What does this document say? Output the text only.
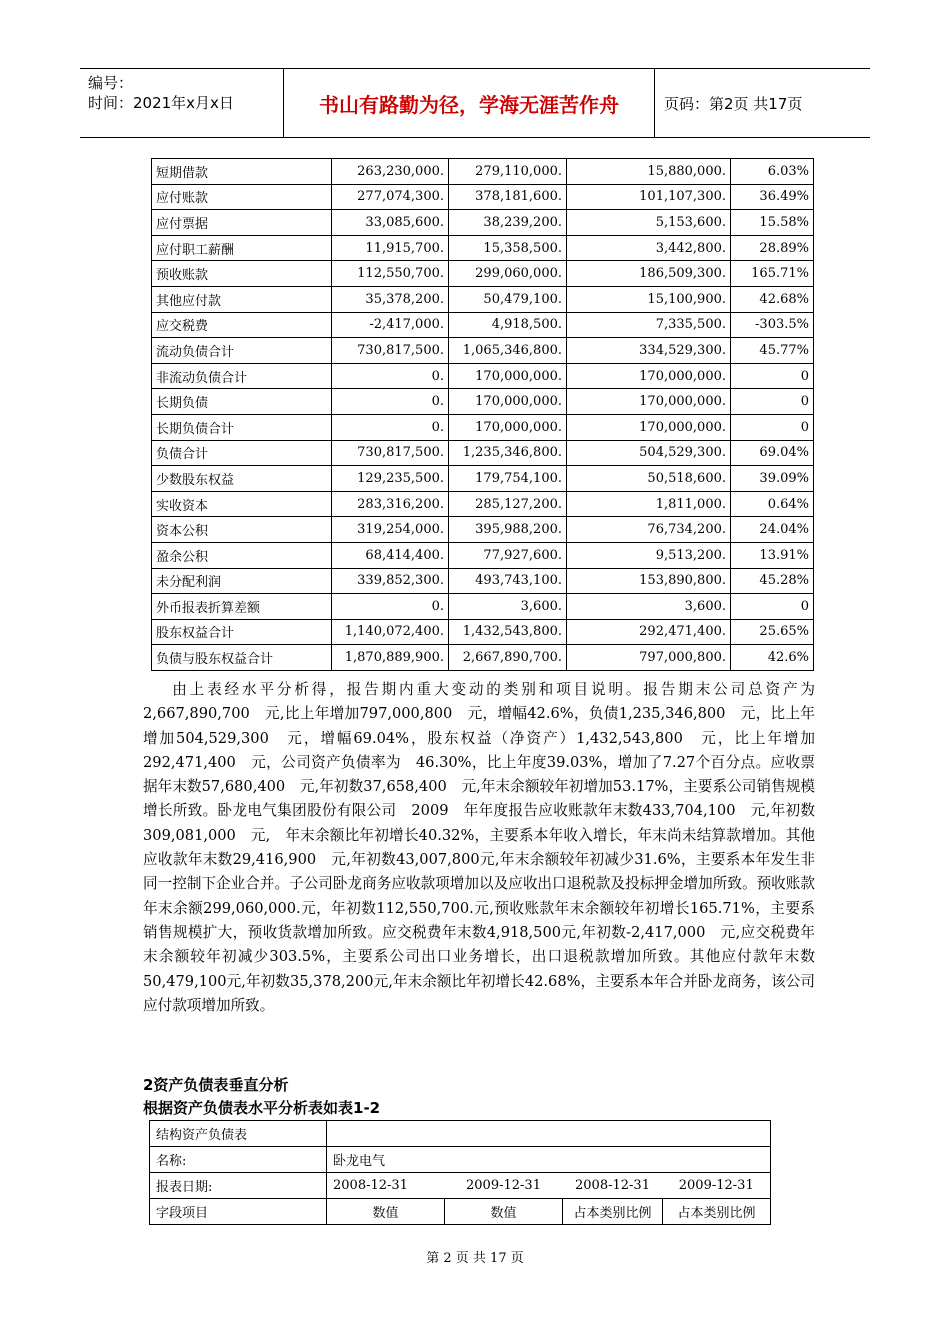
编号：
时间：2021年x月x日	书山有路勤为径，学海无涯苦作舟	页码：第2页 共17页
短期借款	263,230,000.	279,110,000.	15,880,000.	6.03%
应付账款	277,074,300.	378,181,600.	101,107,300.	36.49%
应付票据	33,085,600.	38,239,200.	5,153,600.	15.58%
应付职工薪酬	11,915,700.	15,358,500.	3,442,800.	28.89%
预收账款	112,550,700.	299,060,000.	186,509,300.	165.71%
其他应付款	35,378,200.	50,479,100.	15,100,900.	42.68%
应交税费	-2,417,000.	4,918,500.	7,335,500.	-303.5%
流动负债合计	730,817,500.	1,065,346,800.	334,529,300.	45.77%
非流动负债合计	0.	170,000,000.	170,000,000.	0
长期负债	0.	170,000,000.	170,000,000.	0
长期负债合计	0.	170,000,000.	170,000,000.	0
负债合计	730,817,500.	1,235,346,800.	504,529,300.	69.04%
少数股东权益	129,235,500.	179,754,100.	50,518,600.	39.09%
实收资本	283,316,200.	285,127,200.	1,811,000.	0.64%
资本公积	319,254,000.	395,988,200.	76,734,200.	24.04%
盈余公积	68,414,400.	77,927,600.	9,513,200.	13.91%
未分配利润	339,852,300.	493,743,100.	153,890,800.	45.28%
外币报表折算差额	0.	3,600.	3,600.	0
股东权益合计	1,140,072,400.	1,432,543,800.	292,471,400.	25.65%
负债与股东权益合计	1,870,889,900.	2,667,890,700.	797,000,800.	42.6%

由上表经水平分析得，报告期内重大变动的类别和项目说明。报告期末公司总资产为2,667,890,700　元,比上年增加797,000,800　元，增幅42.6%，负债1,235,346,800　元，比上年增加504,529,300　元，增幅69.04%，股东权益（净资产）1,432,543,800　元，比上年增加292,471,400　元，公司资产负债率为　46.30%，比上年度39.03%，增加了7.27个百分点。应收票据年末数57,680,400　元,年初数37,658,400　元,年末余额较年初增加53.17%，主要系公司销售规模增长所致。卧龙电气集团股份有限公司　2009　年年度报告应收账款年末数433,704,100　元,年初数309,081,000　元,　年末余额比年初增长40.32%，主要系本年收入增长，年末尚未结算款增加。其他应收款年末数29,416,900　元,年初数43,007,800元,年末余额较年初减少31.6%，主要系本年发生非同一控制下企业合并。子公司卧龙商务应收款项增加以及应收出口退税款及投标押金增加所致。预收账款年末余额299,060,000.元，年初数112,550,700.元,预收账款年末余额较年初增长165.71%，主要系销售规模扩大，预收货款增加所致。应交税费年末数4,918,500元,年初数-2,417,000　元,应交税费年末余额较年初减少303.5%，主要系公司出口业务增长，出口退税款增加所致。其他应付款年末数50,479,100元,年初数35,378,200元,年末余额比年初增长42.68%，主要系本年合并卧龙商务，该公司应付款项增加所致。

2资产负债表垂直分析
根据资产负债表水平分析表如表1-2
结构资产负债表				
名称:	卧龙电气			
报表日期:	2008-12-31	2009-12-31	2008-12-31	2009-12-31
字段项目	数值	数值	占本类别比例	占本类别比例
第 2 页 共 17 页
